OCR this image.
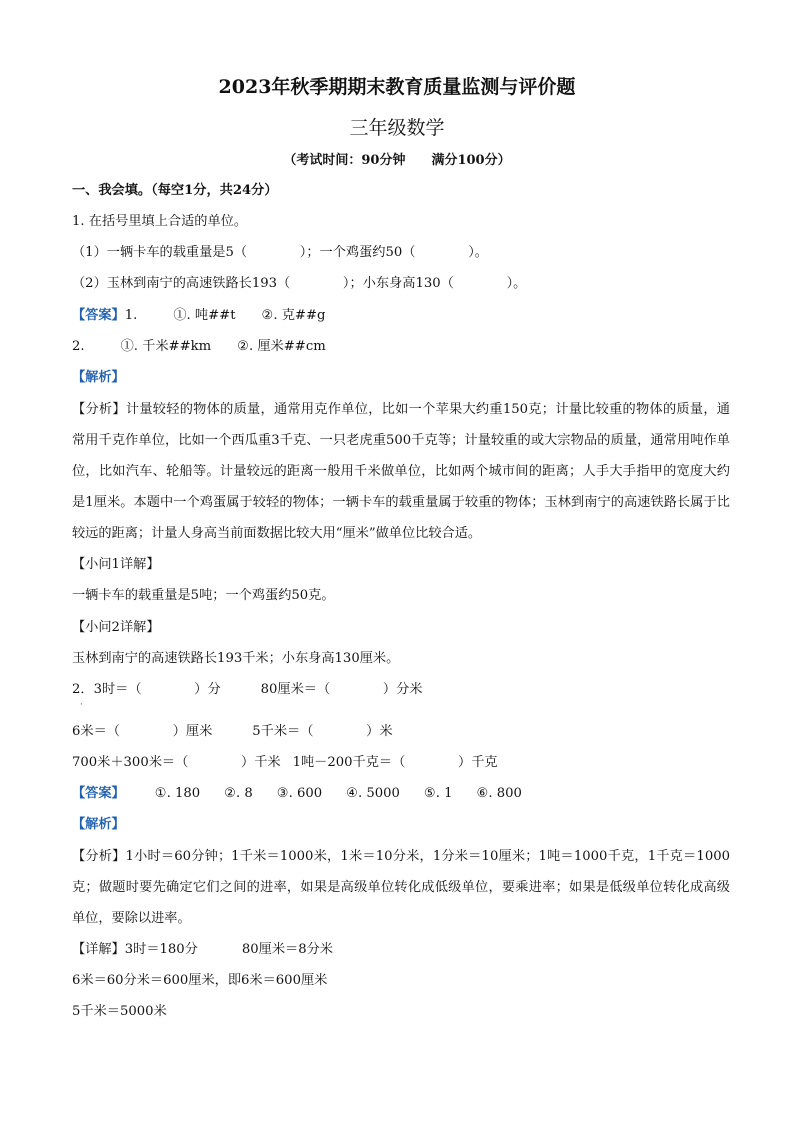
2023年秋季期期末教育质量监测与评价题
三年级数学
（考试时间：90分钟 满分100分）
一、我会填。（每空1分，共24分）
1. 在括号里填上合适的单位。
（1）一辆卡车的载重量是5（　　　　）；一个鸡蛋约50（　　　　）。
（2）玉林到南宁的高速铁路长193（　　　　）；小东身高130（　　　　）。
【答案】1.	①. 吨##t ②. 克##g
2.	①. 千米##km ②. 厘米##cm
【解析】
【分析】计量较轻的物体的质量，通常用克作单位，比如一个苹果大约重150克；计量比较重的物体的质量，通常用千克作单位，比如一个西瓜重3千克、一只老虎重500千克等；计量较重的或大宗物品的质量，通常用吨作单位，比如汽车、轮船等。计量较远的距离一般用千米做单位，比如两个城市间的距离；人手大手指甲的宽度大约是1厘米。本题中一个鸡蛋属于较轻的物体；一辆卡车的载重量属于较重的物体；玉林到南宁的高速铁路长属于比较远的距离；计量人身高当前面数据比较大用“厘米”做单位比较合适。
【小问1详解】
一辆卡车的载重量是5吨；一个鸡蛋约50克。
【小问2详解】
玉林到南宁的高速铁路长193千米；小东身高130厘米。
2．3时＝（　　　　）分	80厘米＝（　　　　）分米
·
6米＝（　　　　）厘米	5千米＝（　　　　）米
700米＋300米＝（　　　　）千米 1吨－200千克＝（　　　　）千克
【答案】 ①. 180 ②. 8 ③. 600 ④. 5000 ⑤. 1 ⑥. 800
【解析】
【分析】1小时＝60分钟；1千米＝1000米，1米＝10分米，1分米＝10厘米；1吨＝1000千克，1千克＝1000克；做题时要先确定它们之间的进率，如果是高级单位转化成低级单位，要乘进率；如果是低级单位转化成高级单位，要除以进率。
【详解】3时＝180分	80厘米＝8分米
6米＝60分米＝600厘米，即6米＝600厘米
5千米＝5000米
